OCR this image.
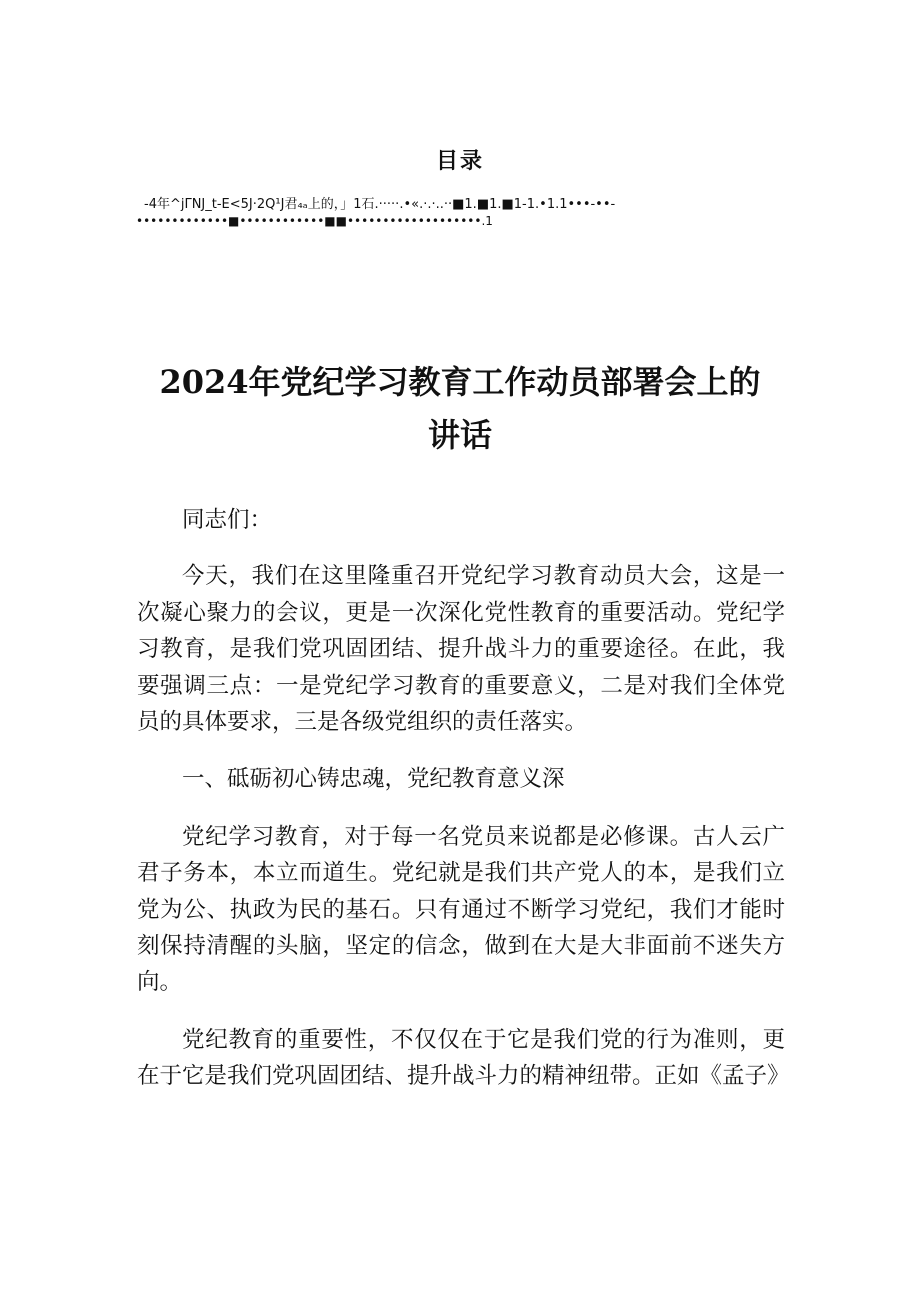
目录
-4年^jΓNJ_t-E<5J·2Q¹J君₄ₐ上的，」1石.·····.•«.·.·..··■1.■1.■1-1.•1.1•••-••-
•••••••••••••■••••••••••••■■•••••••••••••••••••.1
2024年党纪学习教育工作动员部署会上的
讲话

同志们：

今天，我们在这里隆重召开党纪学习教育动员大会，这是一次凝心聚力的会议，更是一次深化党性教育的重要活动。党纪学习教育，是我们党巩固团结、提升战斗力的重要途径。在此，我要强调三点：一是党纪学习教育的重要意义，二是对我们全体党员的具体要求，三是各级党组织的责任落实。

一、砥砺初心铸忠魂，党纪教育意义深

党纪学习教育，对于每一名党员来说都是必修课。古人云广君子务本，本立而道生。党纪就是我们共产党人的本，是我们立党为公、执政为民的基石。只有通过不断学习党纪，我们才能时刻保持清醒的头脑，坚定的信念，做到在大是大非面前不迷失方向。

党纪教育的重要性，不仅仅在于它是我们党的行为准则，更在于它是我们党巩固团结、提升战斗力的精神纽带。正如《孟子》
